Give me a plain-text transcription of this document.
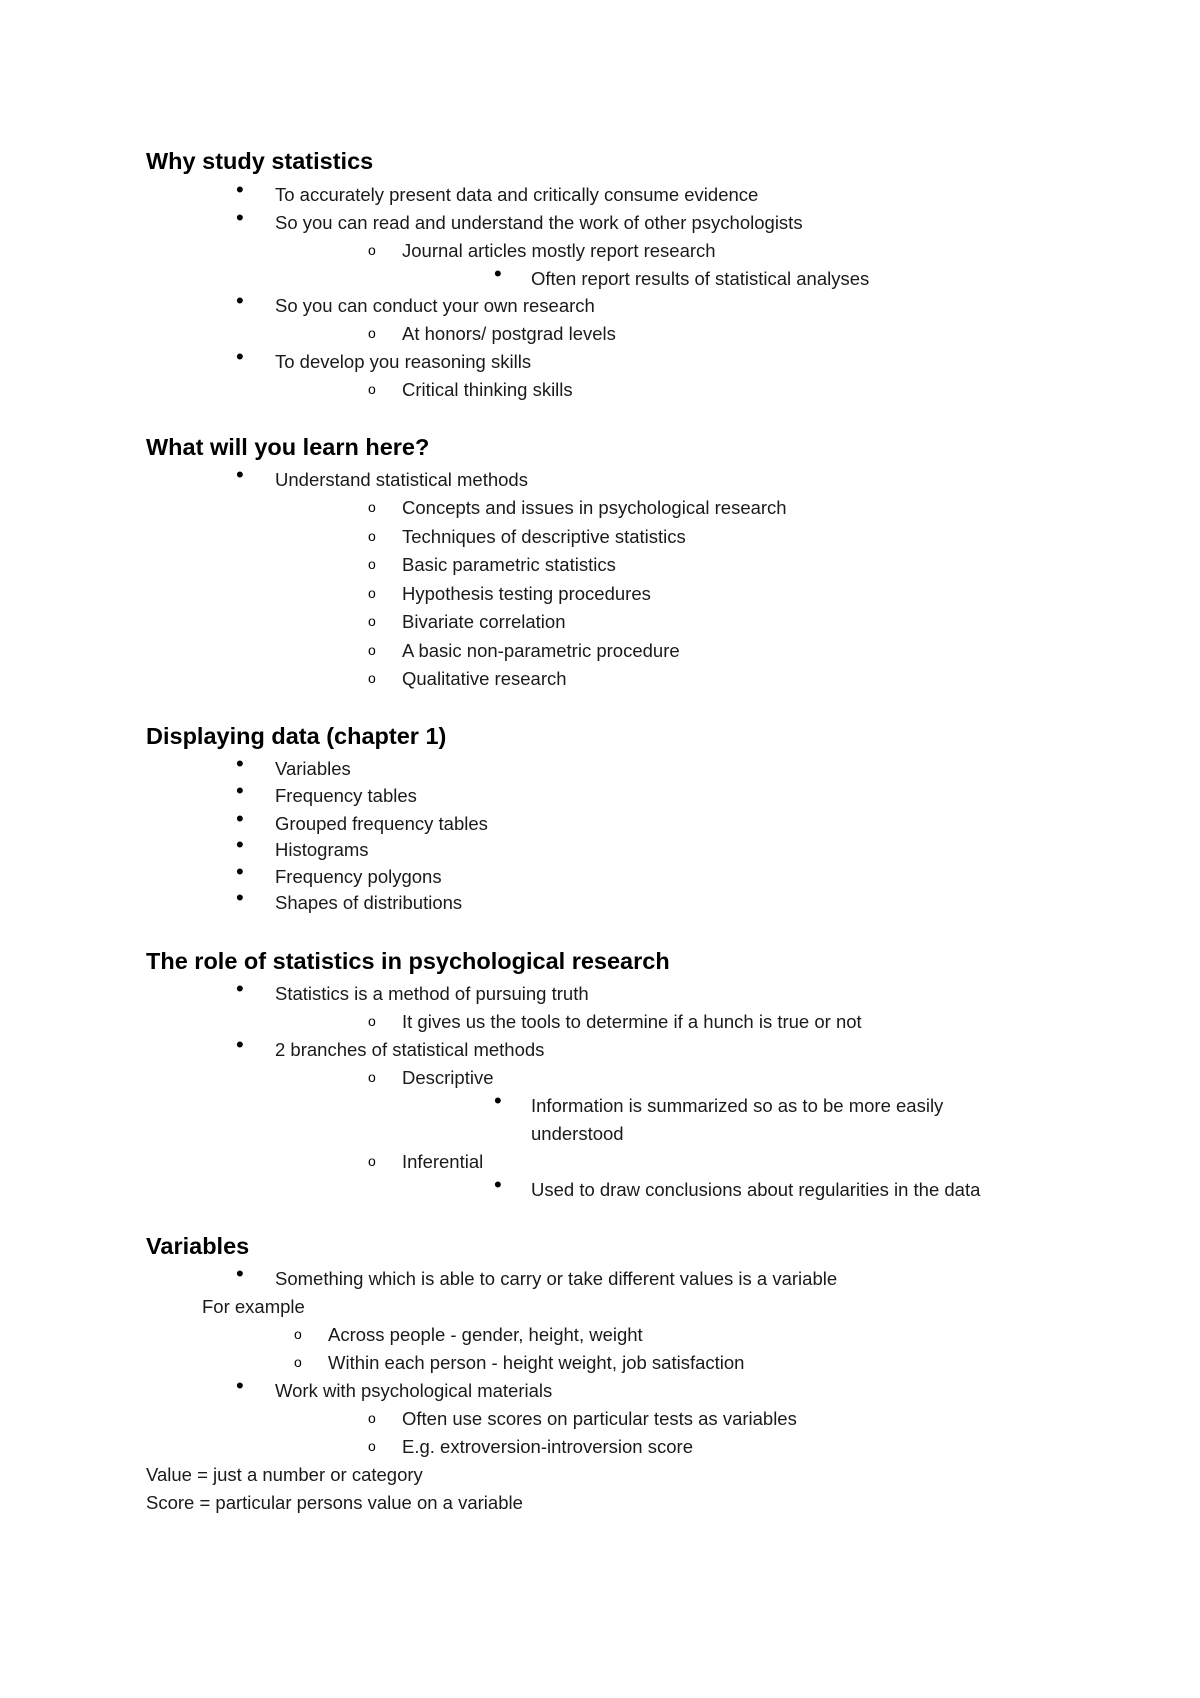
Why study statistics
• To accurately present data and critically consume evidence
• So you can read and understand the work of other psychologists
o Journal articles mostly report research
• Often report results of statistical analyses
• So you can conduct your own research
o At honors/ postgrad levels
• To develop you reasoning skills
o Critical thinking skills
What will you learn here?
• Understand statistical methods
o Concepts and issues in psychological research
o Techniques of descriptive statistics
o Basic parametric statistics
o Hypothesis testing procedures
o Bivariate correlation
o A basic non-parametric procedure
o Qualitative research
Displaying data (chapter 1)
• Variables
• Frequency tables
• Grouped frequency tables
• Histograms
• Frequency polygons
• Shapes of distributions
The role of statistics in psychological research
• Statistics is a method of pursuing truth
o It gives us the tools to determine if a hunch is true or not
• 2 branches of statistical methods
o Descriptive
• Information is summarized so as to be more easily
understood
o Inferential
• Used to draw conclusions about regularities in the data
Variables
• Something which is able to carry or take different values is a variable
For example
o Across people - gender, height, weight
o Within each person - height weight, job satisfaction
• Work with psychological materials
o Often use scores on particular tests as variables
o E.g. extroversion-introversion score
Value = just a number or category
Score = particular persons value on a variable
